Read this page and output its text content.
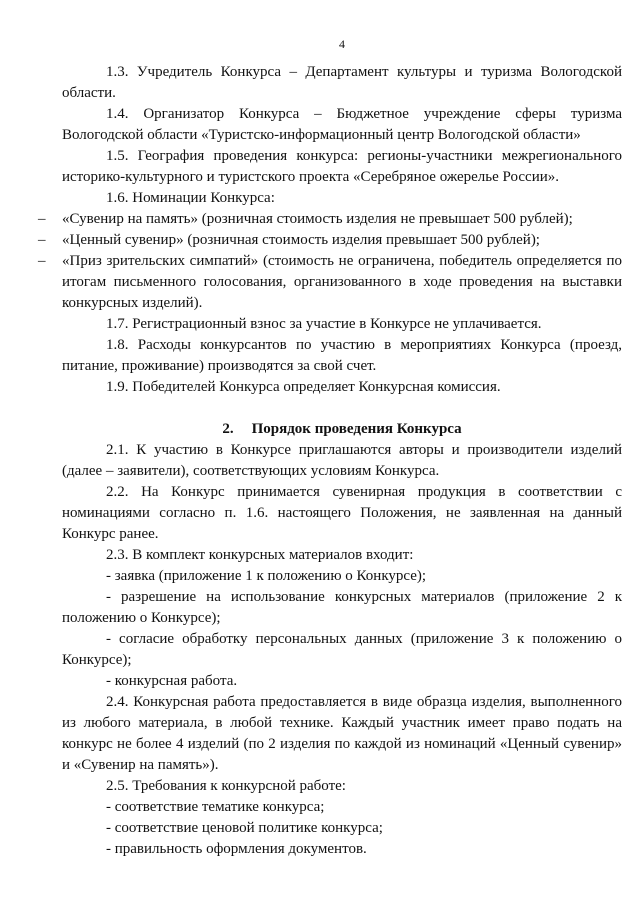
4

1.3. Учредитель Конкурса – Департамент культуры и туризма Вологодской области.

1.4. Организатор Конкурса – Бюджетное учреждение сферы туризма Вологодской области «Туристско-информационный центр Вологодской области»

1.5. География проведения конкурса: регионы-участники межрегионального историко-культурного и туристского проекта «Серебряное ожерелье России».

1.6. Номинации Конкурса:

–	«Сувенир на память» (розничная стоимость изделия не превышает 500 рублей);
–	«Ценный сувенир» (розничная стоимость изделия превышает 500 рублей);
–	«Приз зрительских симпатий» (стоимость не ограничена, победитель определяется по итогам письменного голосования, организованного в ходе проведения на выставки конкурсных изделий).

1.7. Регистрационный взнос за участие в Конкурсе не уплачивается.

1.8. Расходы конкурсантов по участию в мероприятиях Конкурса (проезд, питание, проживание) производятся за свой счет.

1.9. Победителей Конкурса определяет Конкурсная комиссия.

2. Порядок проведения Конкурса

2.1. К участию в Конкурсе приглашаются авторы и производители изделий (далее – заявители), соответствующих условиям Конкурса.

2.2. На Конкурс принимается сувенирная продукция в соответствии с номинациями согласно п. 1.6. настоящего Положения, не заявленная на данный Конкурс ранее.

2.3. В комплект конкурсных материалов входит:

- заявка (приложение 1 к положению о Конкурсе);

- разрешение на использование конкурсных материалов (приложение 2 к положению о Конкурсе);

- согласие обработку персональных данных (приложение 3 к положению о Конкурсе);

- конкурсная работа.

2.4. Конкурсная работа предоставляется в виде образца изделия, выполненного из любого материала, в любой технике. Каждый участник имеет право подать на конкурс не более 4 изделий (по 2 изделия по каждой из номинаций «Ценный сувенир» и «Сувенир на память»).

2.5. Требования к конкурсной работе:

- соответствие тематике конкурса;

- соответствие ценовой политике конкурса;

- правильность оформления документов.
